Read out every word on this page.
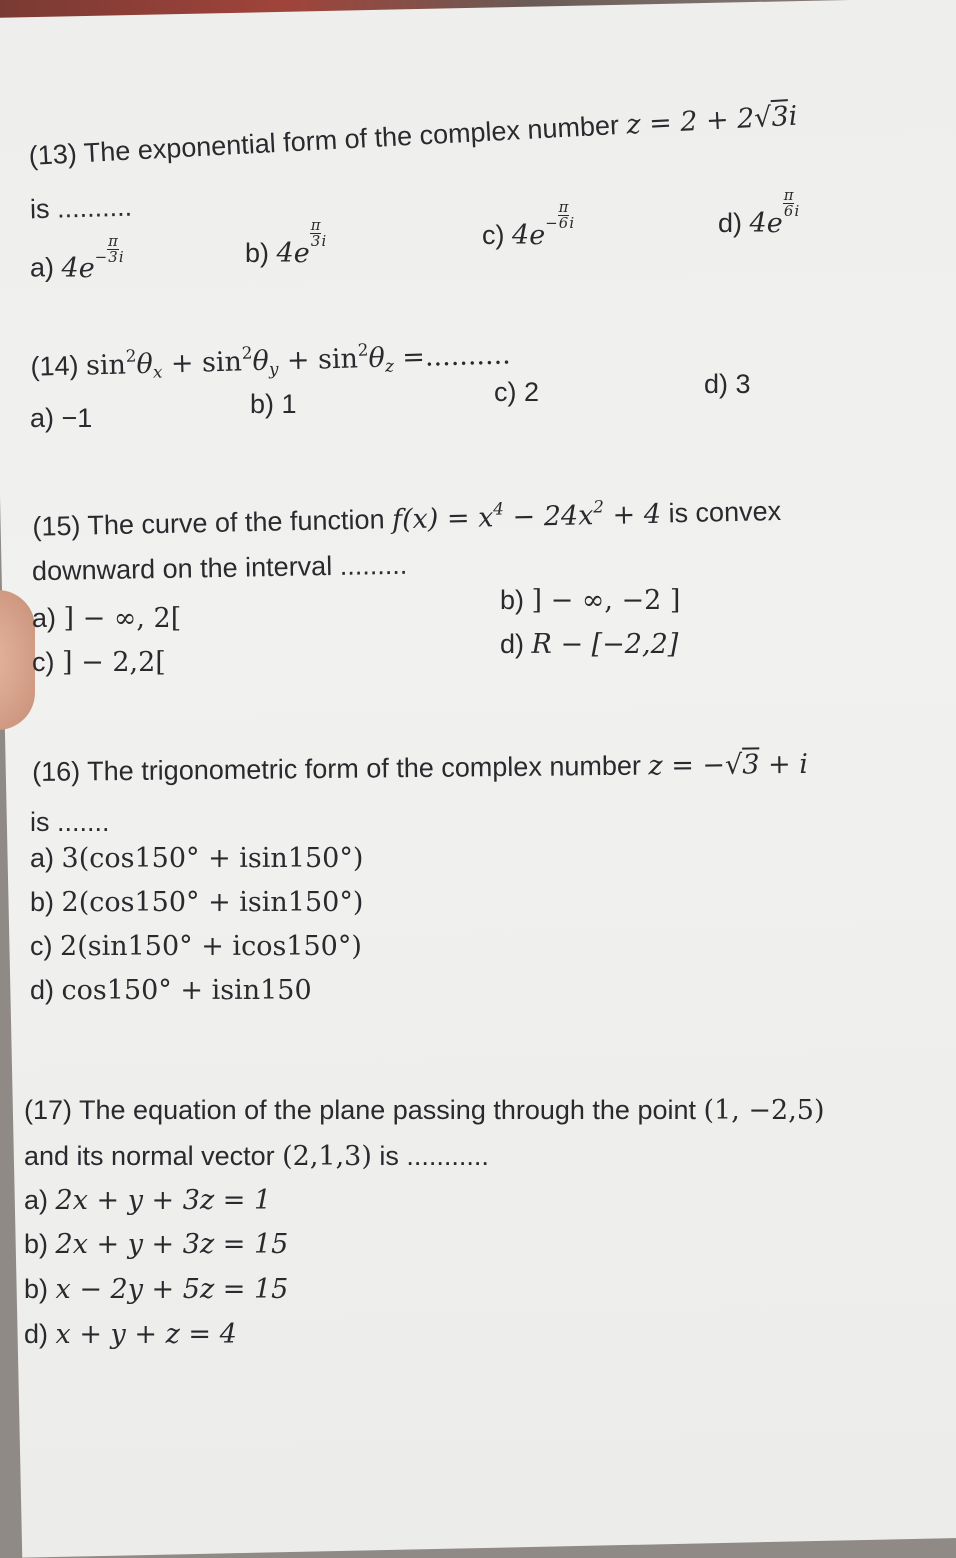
(13) The exponential form of the complex number z = 2 + 2√3i
is ..........
a) $4e- \frac{\pi}{3}$ i	b) 4e
$\frac{\pi}{3}$ i	c) $4e- \frac{\pi}{6}$ i	d) 4e
$\frac{\pi}{6}$ i
(14) $\sin^2\theta x + \sin^2\theta y + \sin^2\theta z$ =..........
a) −1	b) 1	c) 2	d) 3
(15) The curve of the function $f(x) = x^4 - 24x^2 + 4$ is convex
downward on the interval .........
a) ] − ∞, 2[
b) ] − ∞, −2 ]
c) ] − 2,2[
d) R − [−2,2]
(16) The trigonometric form of the complex number z = −√3 + i
is .......
a) 3(cos150° + isin150°)
b) 2(cos150° + isin150°)
c) 2(sin150° + icos150°)
d) cos150° + isin150
(17) The equation of the plane passing through the point (1, −2,5)
and its normal vector (2,1,3) is ...........
a) 2x + y + 3z = 1
b) 2x + y + 3z = 15
b) x − 2y + 5z = 15
d) x + y + z = 4
